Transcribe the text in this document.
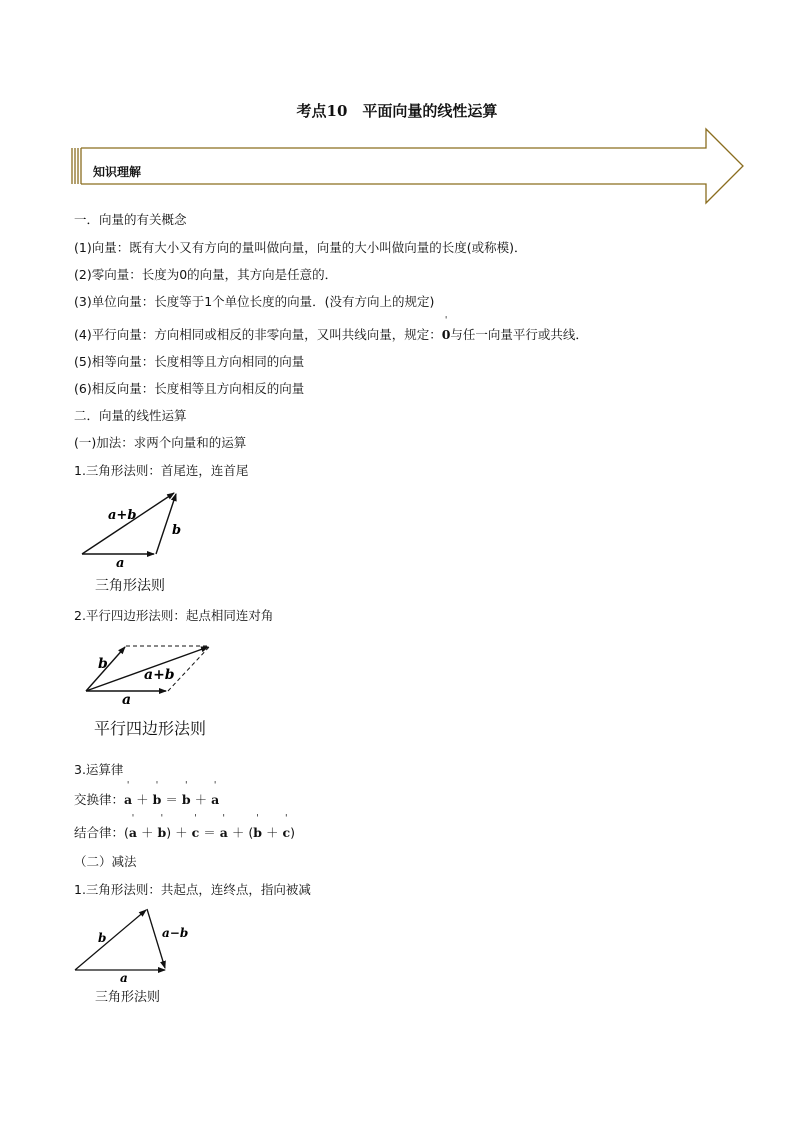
考点10　平面向量的线性运算
知识理解
一．向量的有关概念
(1)向量：既有大小又有方向的量叫做向量，向量的大小叫做向量的长度(或称模)．
(2)零向量：长度为0的向量，其方向是任意的．
(3)单位向量：长度等于1个单位长度的向量．(没有方向上的规定)
(4)平行向量：方向相同或相反的非零向量，又叫共线向量，规定：' 0与任一向量平行或共线．
(5)相等向量：长度相等且方向相同的向量
(6)相反向量：长度相等且方向相反的向量
二．向量的线性运算
(一)加法：求两个向量和的运算
1.三角形法则：首尾连，连首尾
a+b
b
a
三角形法则
2.平行四边形法则：起点相同连对角
b
a+b
a
平行四边形法则
3.运算律
交换律：' a ＋ ' b ＝ ' b ＋ ' a
结合律：(' a ＋ ' b) ＋ ' c ＝ ' a ＋ (' b ＋ ' c)
（二）减法
1.三角形法则：共起点，连终点，指向被减
b	a−b
a
三角形法则
